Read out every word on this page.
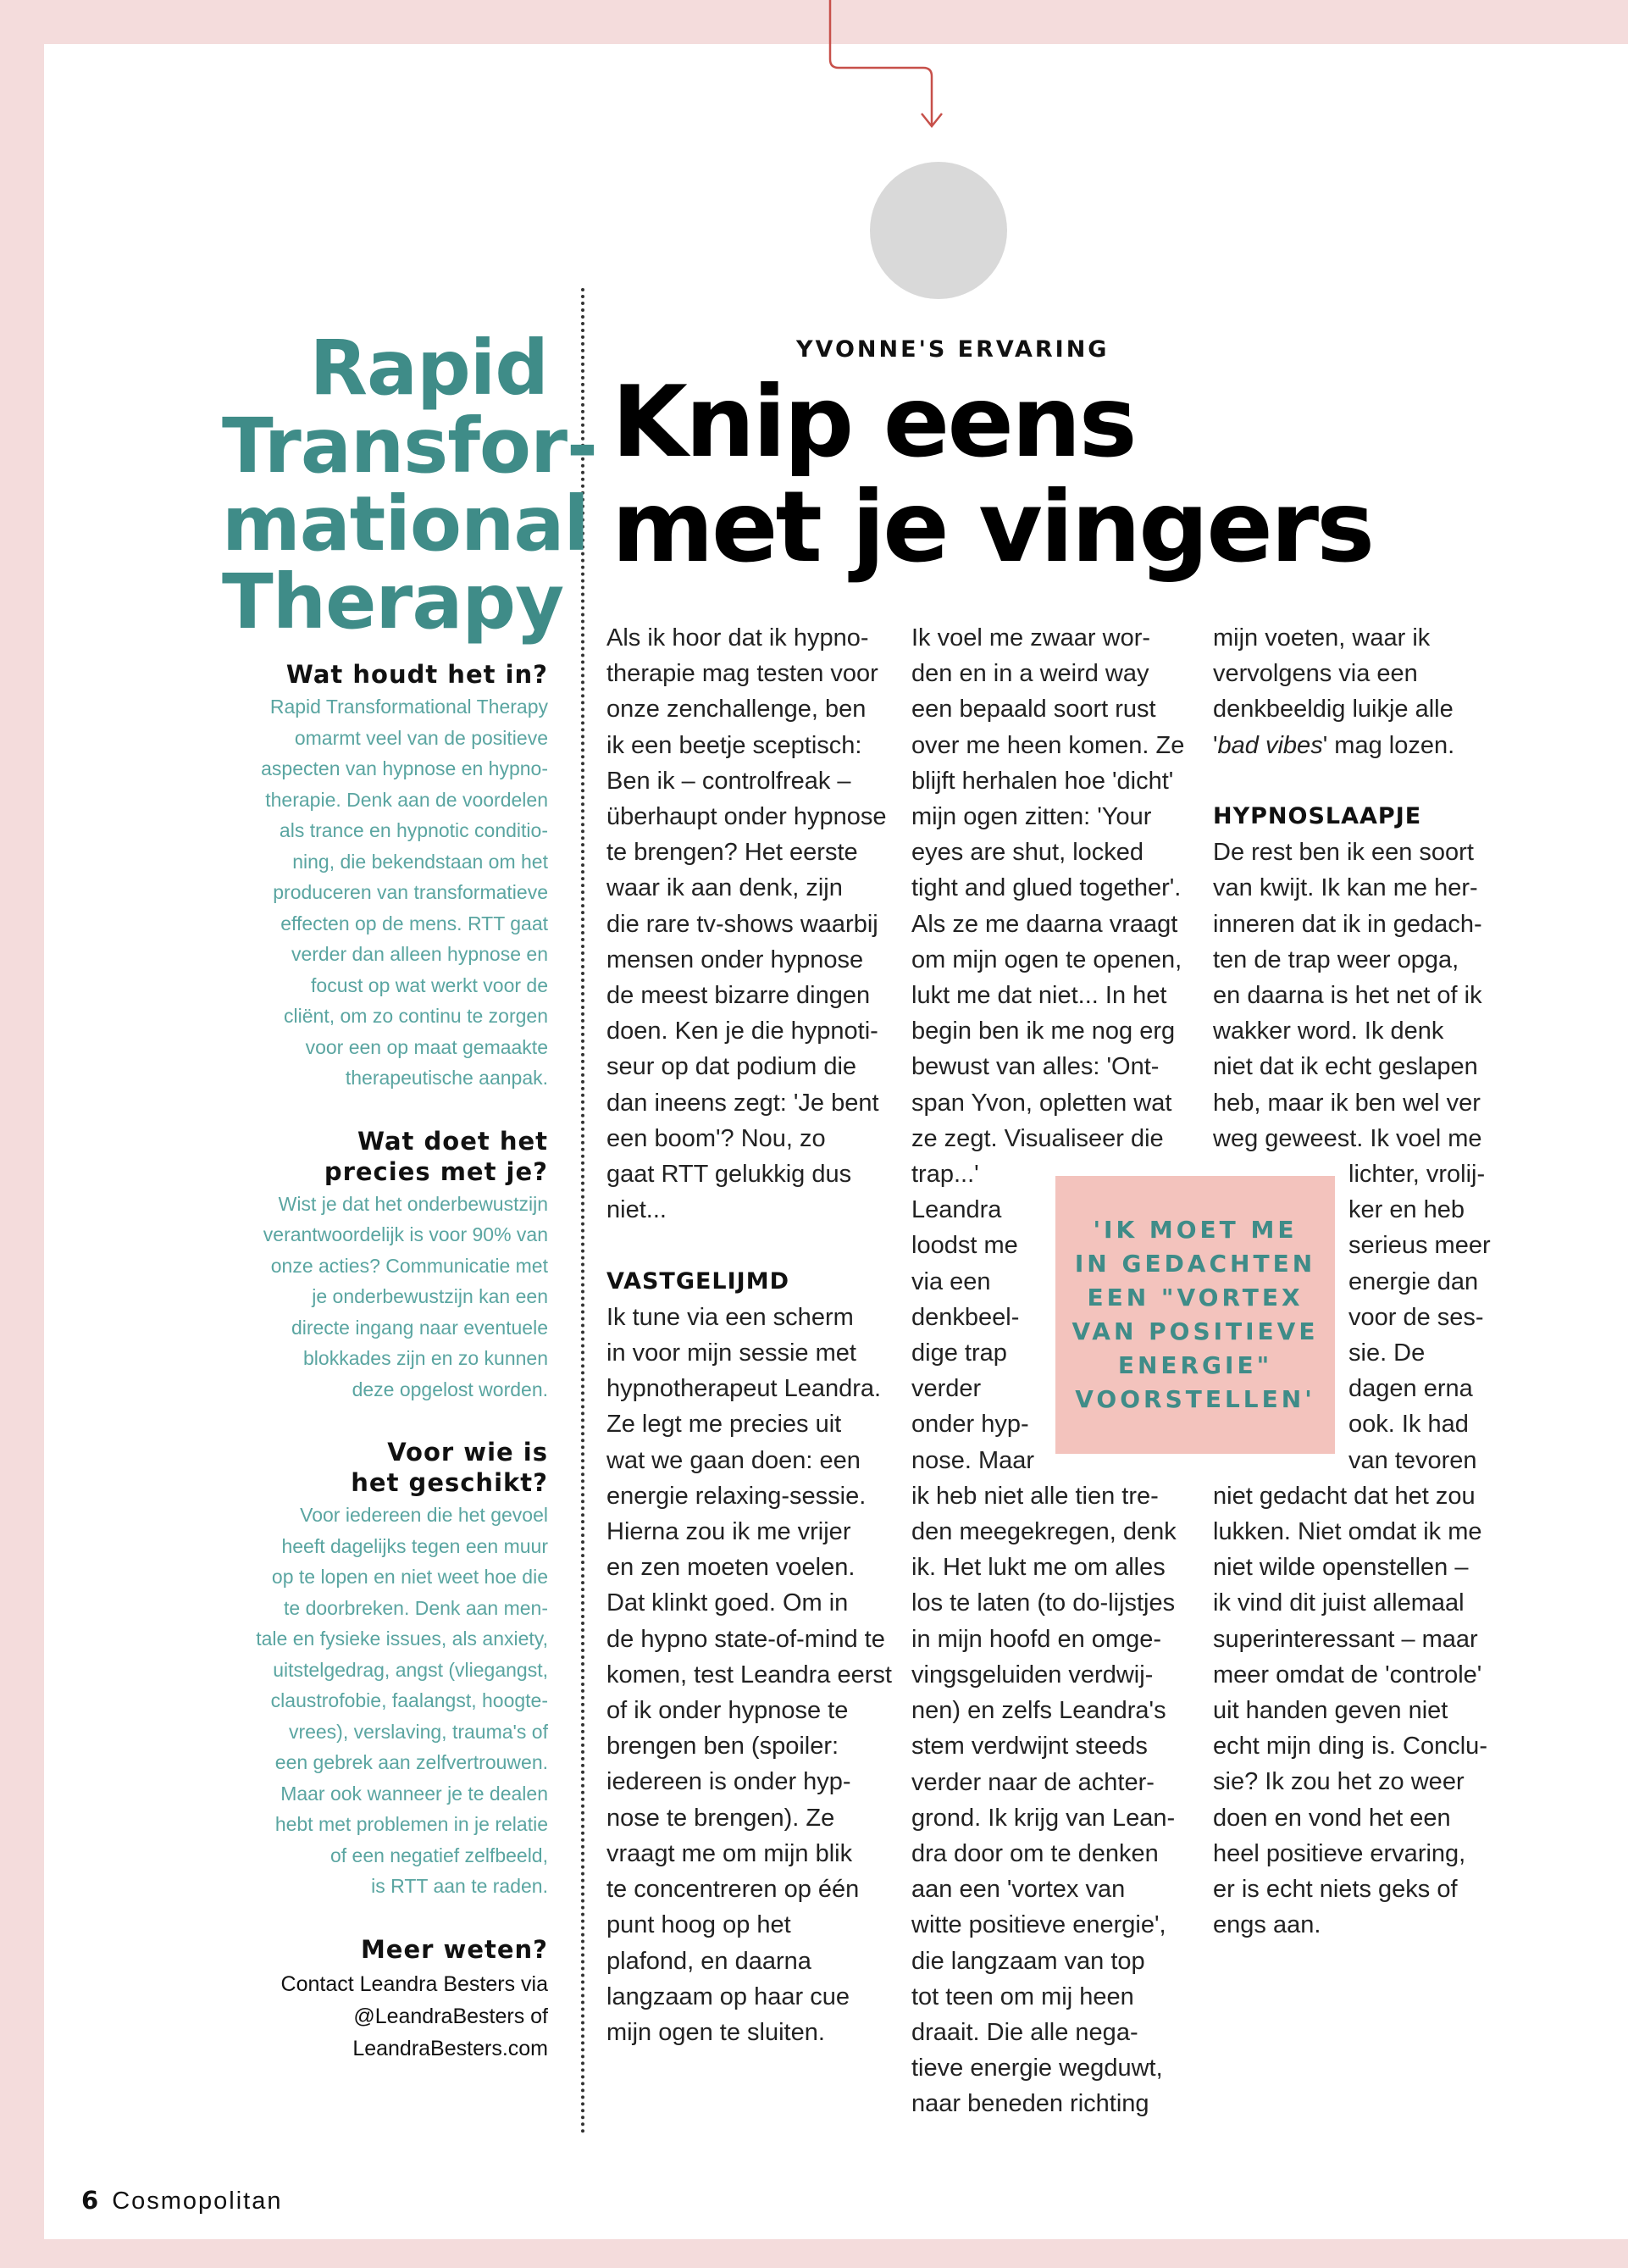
Rapid
Transfor-
mational
Therapy
Wat houdt het in?
Rapid Transformational Therapy
omarmt veel van de positieve
aspecten van hypnose en hypno-
therapie. Denk aan de voordelen
als trance en hypnotic conditio-
ning, die bekendstaan om het
produceren van transformatieve
effecten op de mens. RTT gaat
verder dan alleen hypnose en
focust op wat werkt voor de
cliënt, om zo continu te zorgen
voor een op maat gemaakte
therapeutische aanpak.
Wat doet het
precies met je?
Wist je dat het onderbewustzijn
verantwoordelijk is voor 90% van
onze acties? Communicatie met
je onderbewustzijn kan een
directe ingang naar eventuele
blokkades zijn en zo kunnen
deze opgelost worden.
Voor wie is
het geschikt?
Voor iedereen die het gevoel
heeft dagelijks tegen een muur
op te lopen en niet weet hoe die
te doorbreken. Denk aan men-
tale en fysieke issues, als anxiety,
uitstelgedrag, angst (vliegangst,
claustrofobie, faalangst, hoogte-
vrees), verslaving, trauma's of
een gebrek aan zelfvertrouwen.
Maar ook wanneer je te dealen
hebt met problemen in je relatie
of een negatief zelfbeeld,
is RTT aan te raden.
Meer weten?
Contact Leandra Besters via
@LeandraBesters of
LeandraBesters.com
YVONNE'S ERVARING
Knip eens
met je vingers
Als ik hoor dat ik hypno-
therapie mag testen voor
onze zenchallenge, ben
ik een beetje sceptisch:
Ben ik – controlfreak –
überhaupt onder hypnose
te brengen? Het eerste
waar ik aan denk, zijn
die rare tv-shows waarbij
mensen onder hypnose
de meest bizarre dingen
doen. Ken je die hypnoti-
seur op dat podium die
dan ineens zegt: 'Je bent
een boom'? Nou, zo
gaat RTT gelukkig dus
niet...
VASTGELIJMD
Ik tune via een scherm
in voor mijn sessie met
hypnotherapeut Leandra.
Ze legt me precies uit
wat we gaan doen: een
energie relaxing-sessie.
Hierna zou ik me vrijer
en zen moeten voelen.
Dat klinkt goed. Om in
de hypno state-of-mind te
komen, test Leandra eerst
of ik onder hypnose te
brengen ben (spoiler:
iedereen is onder hyp-
nose te brengen). Ze
vraagt me om mijn blik
te concentreren op één
punt hoog op het
plafond, en daarna
langzaam op haar cue
mijn ogen te sluiten.
Ik voel me zwaar wor-
den en in a weird way
een bepaald soort rust
over me heen komen. Ze
blijft herhalen hoe 'dicht'
mijn ogen zitten: 'Your
eyes are shut, locked
tight and glued together'.
Als ze me daarna vraagt
om mijn ogen te openen,
lukt me dat niet... In het
begin ben ik me nog erg
bewust van alles: 'Ont-
span Yvon, opletten wat
ze zegt. Visualiseer die
trap...'
Leandra
loodst me
via een
denkbeel-
dige trap
verder
onder hyp-
nose. Maar
ik heb niet alle tien tre-
den meegekregen, denk
ik. Het lukt me om alles
los te laten (to do-lijstjes
in mijn hoofd en omge-
vingsgeluiden verdwij-
nen) en zelfs Leandra's
stem verdwijnt steeds
verder naar de achter-
grond. Ik krijg van Lean-
dra door om te denken
aan een 'vortex van
witte positieve energie',
die langzaam van top
tot teen om mij heen
draait. Die alle nega-
tieve energie wegduwt,
naar beneden richting
mijn voeten, waar ik
vervolgens via een
denkbeeldig luikje alle
'bad vibes' mag lozen.
HYPNOSLAAPJE
De rest ben ik een soort
van kwijt. Ik kan me her-
inneren dat ik in gedach-
ten de trap weer opga,
en daarna is het net of ik
wakker word. Ik denk
niet dat ik echt geslapen
heb, maar ik ben wel ver
weg geweest. Ik voel me
lichter, vrolij-
ker en heb
serieus meer
energie dan
voor de ses-
sie. De
dagen erna
ook. Ik had
van tevoren
niet gedacht dat het zou
lukken. Niet omdat ik me
niet wilde openstellen –
ik vind dit juist allemaal
superinteressant – maar
meer omdat de 'controle'
uit handen geven niet
echt mijn ding is. Conclu-
sie? Ik zou het zo weer
doen en vond het een
heel positieve ervaring,
er is echt niets geks of
engs aan.
'IK MOET ME
IN GEDACHTEN
EEN "VORTEX
VAN POSITIEVE
ENERGIE"
VOORSTELLEN'
6 Cosmopolitan
